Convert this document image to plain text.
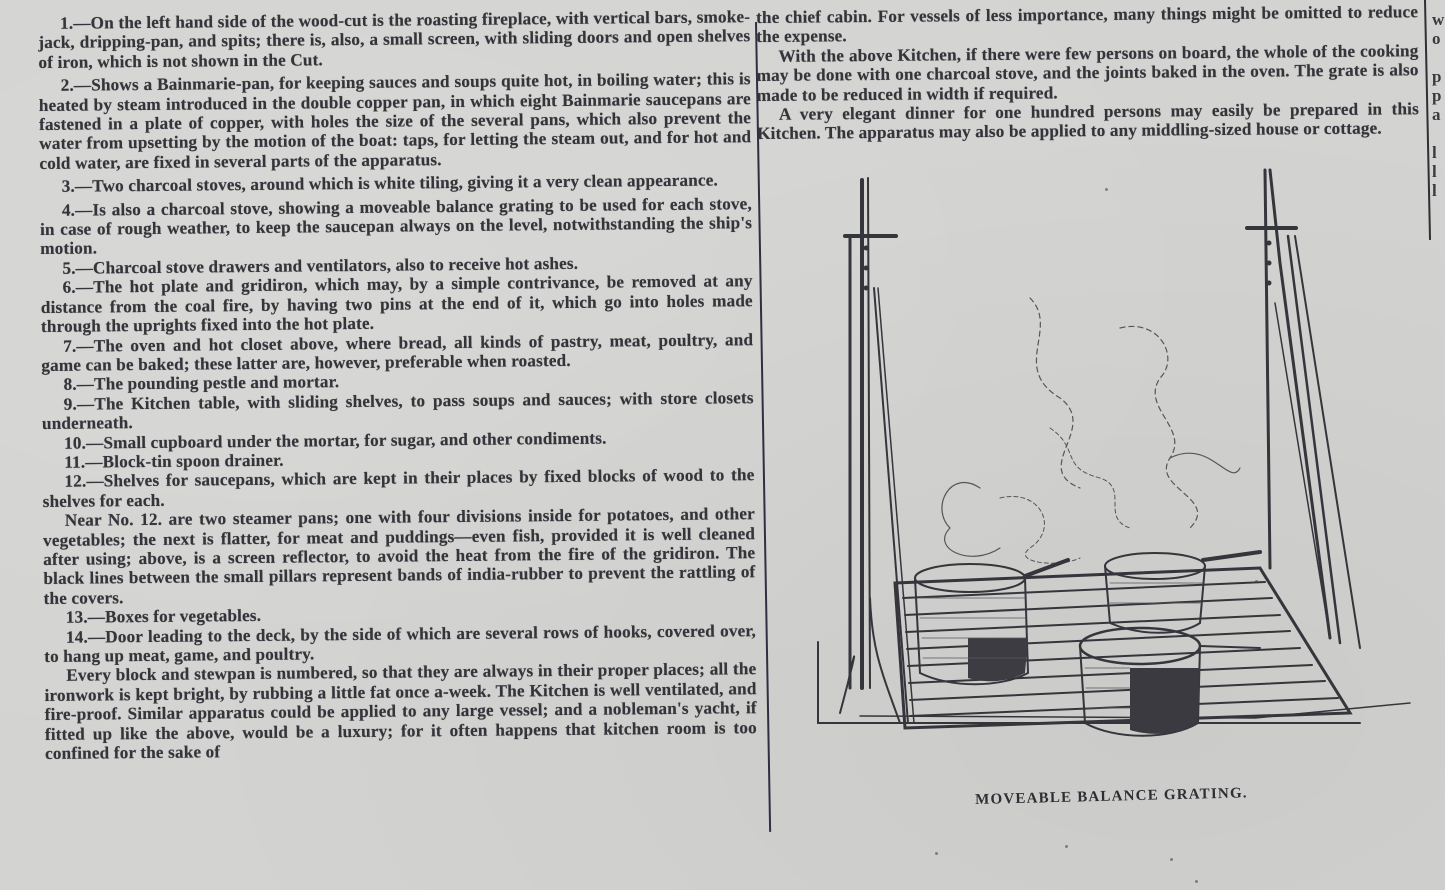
1.—On the left hand side of the wood-cut is the roasting fireplace, with vertical bars, smoke-jack, dripping-pan, and spits; there is, also, a small screen, with sliding doors and open shelves of iron, which is not shown in the Cut.

2.—Shows a Bainmarie-pan, for keeping sauces and soups quite hot, in boiling water; this is heated by steam introduced in the double copper pan, in which eight Bainmarie saucepans are fastened in a plate of copper, with holes the size of the several pans, which also prevent the water from upsetting by the motion of the boat: taps, for letting the steam out, and for hot and cold water, are fixed in several parts of the apparatus.

3.—Two charcoal stoves, around which is white tiling, giving it a very clean appearance.

4.—Is also a charcoal stove, showing a moveable balance grating to be used for each stove, in case of rough weather, to keep the saucepan always on the level, notwithstanding the ship's motion.

5.—Charcoal stove drawers and ventilators, also to receive hot ashes.

6.—The hot plate and gridiron, which may, by a simple contrivance, be removed at any distance from the coal fire, by having two pins at the end of it, which go into holes made through the uprights fixed into the hot plate.

7.—The oven and hot closet above, where bread, all kinds of pastry, meat, poultry, and game can be baked; these latter are, however, preferable when roasted.

8.—The pounding pestle and mortar.

9.—The Kitchen table, with sliding shelves, to pass soups and sauces; with store closets underneath.

10.—Small cupboard under the mortar, for sugar, and other condiments.

11.—Block-tin spoon drainer.

12.—Shelves for saucepans, which are kept in their places by fixed blocks of wood to the shelves for each.

Near No. 12. are two steamer pans; one with four divisions inside for potatoes, and other vegetables; the next is flatter, for meat and puddings—even fish, provided it is well cleaned after using; above, is a screen reflector, to avoid the heat from the fire of the gridiron. The black lines between the small pillars represent bands of india-rubber to prevent the rattling of the covers.

13.—Boxes for vegetables.

14.—Door leading to the deck, by the side of which are several rows of hooks, covered over, to hang up meat, game, and poultry.

Every block and stewpan is numbered, so that they are always in their proper places; all the ironwork is kept bright, by rubbing a little fat once a-week. The Kitchen is well ventilated, and fire-proof. Similar apparatus could be applied to any large vessel; and a nobleman's yacht, if fitted up like the above, would be a luxury; for it often happens that kitchen room is too confined for the sake of

the chief cabin. For vessels of less importance, many things might be omitted to reduce the expense.

With the above Kitchen, if there were few persons on board, the whole of the cooking may be done with one charcoal stove, and the joints baked in the oven. The grate is also made to be reduced in width if required.

A very elegant dinner for one hundred persons may easily be prepared in this Kitchen. The apparatus may also be applied to any middling-sized house or cottage.

w
o
p
p
a
l
l
l
MOVEABLE BALANCE GRATING.
